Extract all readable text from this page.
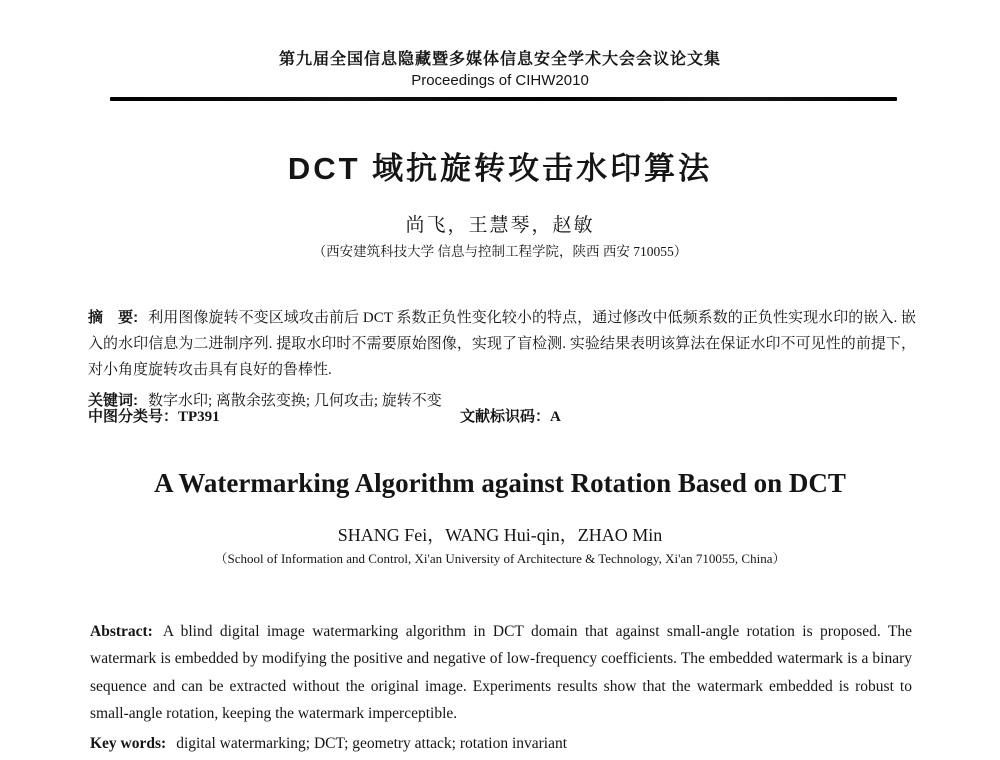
第九届全国信息隐藏暨多媒体信息安全学术大会会议论文集
Proceedings of CIHW2010
DCT 域抗旋转攻击水印算法
尚飞，王慧琴，赵敏
（西安建筑科技大学 信息与控制工程学院，陕西 西安 710055）

摘　要: 利用图像旋转不变区域攻击前后 DCT 系数正负性变化较小的特点，通过修改中低频系数的正负性实现水印的嵌入. 嵌入的水印信息为二进制序列. 提取水印时不需要原始图像，实现了盲检测. 实验结果表明该算法在保证水印不可见性的前提下，对小角度旋转攻击具有良好的鲁棒性.

关键词: 数字水印; 离散余弦变换; 几何攻击; 旋转不变

中图分类号：TP391	文献标识码：A
A Watermarking Algorithm against Rotation Based on DCT
SHANG Fei，WANG Hui-qin，ZHAO Min
（School of Information and Control, Xi'an University of Architecture & Technology, Xi'an 710055, China）

Abstract: A blind digital image watermarking algorithm in DCT domain that against small-angle rotation is proposed. The watermark is embedded by modifying the positive and negative of low-frequency coefficients. The embedded watermark is a binary sequence and can be extracted without the original image. Experiments results show that the watermark embedded is robust to small-angle rotation, keeping the watermark imperceptible.

Key words: digital watermarking; DCT; geometry attack; rotation invariant
